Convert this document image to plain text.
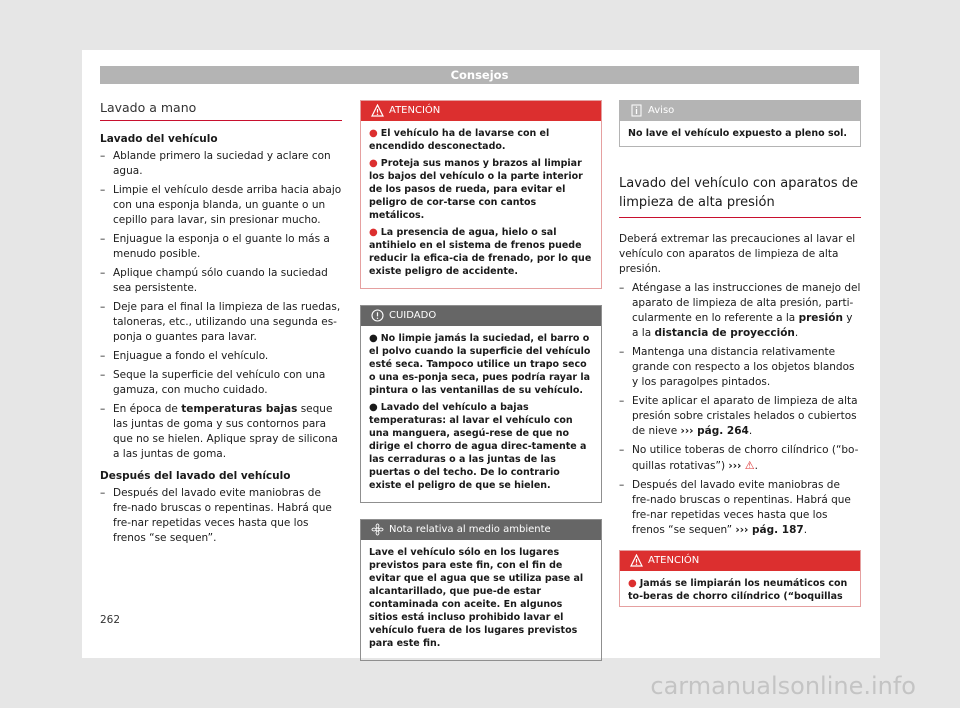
Consejos
Lavado a mano
Lavado del vehículo
– Ablande primero la suciedad y aclare con agua.
– Limpie el vehículo desde arriba hacia abajo con una esponja blanda, un guante o un cepillo para lavar, sin presionar mucho.
– Enjuague la esponja o el guante lo más a menudo posible.
– Aplique champú sólo cuando la suciedad sea persistente.
– Deje para el final la limpieza de las ruedas, taloneras, etc., utilizando una segunda es-ponja o guantes para lavar.
– Enjuague a fondo el vehículo.
– Seque la superficie del vehículo con una gamuza, con mucho cuidado.
– En época de temperaturas bajas seque las juntas de goma y sus contornos para que no se hielen. Aplique spray de silicona a las juntas de goma.
Después del lavado del vehículo
– Después del lavado evite maniobras de fre-nado bruscas o repentinas. Habrá que fre-nar repetidas veces hasta que los frenos “se sequen”.
ATENCIÓN

● El vehículo ha de lavarse con el encendido desconectado.

● Proteja sus manos y brazos al limpiar los bajos del vehículo o la parte interior de los pasos de rueda, para evitar el peligro de cor-tarse con cantos metálicos.

● La presencia de agua, hielo o sal antihielo en el sistema de frenos puede reducir la efica-cia de frenado, por lo que existe peligro de accidente.

CUIDADO

● No limpie jamás la suciedad, el barro o el polvo cuando la superficie del vehículo esté seca. Tampoco utilice un trapo seco o una es-ponja seca, pues podría rayar la pintura o las ventanillas de su vehículo.

● Lavado del vehículo a bajas temperaturas: al lavar el vehículo con una manguera, asegú-rese de que no dirige el chorro de agua direc-tamente a las cerraduras o a las juntas de las puertas o del techo. De lo contrario existe el peligro de que se hielen.

Nota relativa al medio ambiente

Lave el vehículo sólo en los lugares previstos para este fin, con el fin de evitar que el agua que se utiliza pase al alcantarillado, que pue-de estar contaminada con aceite. En algunos sitios está incluso prohibido lavar el vehículo fuera de los lugares previstos para este fin.

Aviso

No lave el vehículo expuesto a pleno sol.

Lavado del vehículo con aparatos de limpieza de alta presión

Deberá extremar las precauciones al lavar el vehículo con aparatos de limpieza de alta presión.

– Aténgase a las instrucciones de manejo del aparato de limpieza de alta presión, parti-cularmente en lo referente a la presión y a la distancia de proyección.
– Mantenga una distancia relativamente grande con respecto a los objetos blandos y los paragolpes pintados.
– Evite aplicar el aparato de limpieza de alta presión sobre cristales helados o cubiertos de nieve ››› pág. 264.
– No utilice toberas de chorro cilíndrico (“bo-quillas rotativas”) ››› ⚠.
– Después del lavado evite maniobras de fre-nado bruscas o repentinas. Habrá que fre-nar repetidas veces hasta que los frenos “se sequen” ››› pág. 187.
ATENCIÓN

● Jamás se limpiarán los neumáticos con to-beras de chorro cilíndrico (“boquillas

262
carmanualsonline.info
